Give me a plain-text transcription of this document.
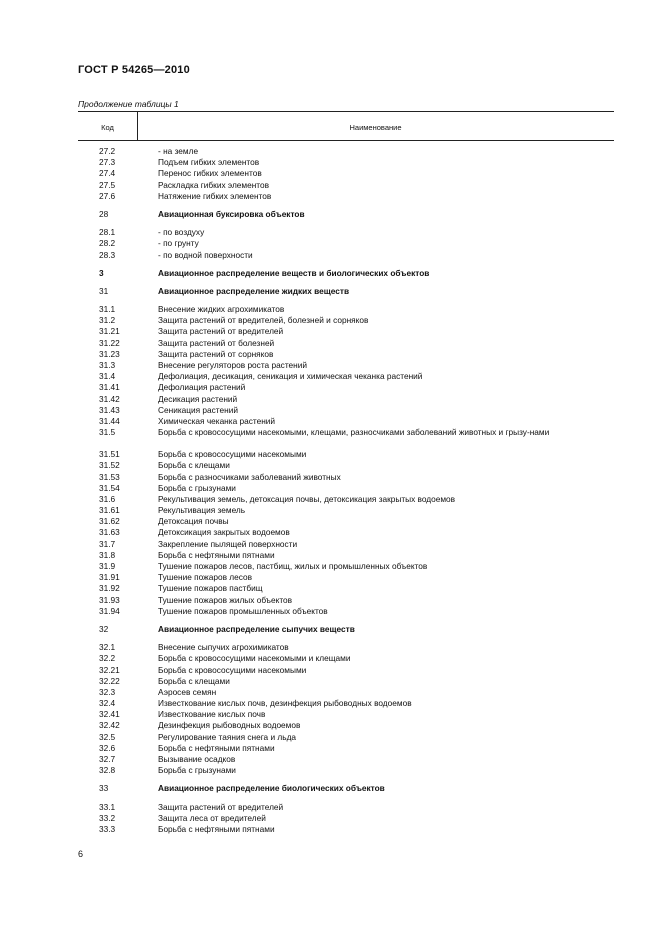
ГОСТ Р 54265—2010
Продолжение таблицы 1
Код	Наименование
27.2	- на земле
27.3	Подъем гибких элементов
27.4	Перенос гибких элементов
27.5	Раскладка гибких элементов
27.6	Натяжение гибких элементов
28	Авиационная буксировка объектов
28.1	- по воздуху
28.2	- по грунту
28.3	- по водной поверхности
3	Авиационное распределение веществ и биологических объектов
31	Авиационное распределение жидких веществ
31.1	Внесение жидких агрохимикатов
31.2	Защита растений от вредителей, болезней и сорняков
31.21	Защита растений от вредителей
31.22	Защита растений от болезней
31.23	Защита растений от сорняков
31.3	Внесение регуляторов роста растений
31.4	Дефолиация, десикация, сеникация и химическая чеканка растений
31.41	Дефолиация растений
31.42	Десикация растений
31.43	Сеникация растений
31.44	Химическая чеканка растений
31.5	Борьба с кровососущими насекомыми, клещами, разносчиками заболеваний животных и грызу-нами
31.51	Борьба с кровососущими насекомыми
31.52	Борьба с клещами
31.53	Борьба с разносчиками заболеваний животных
31.54	Борьба с грызунами
31.6	Рекультивация земель, детоксация почвы, детоксикация закрытых водоемов
31.61	Рекультивация земель
31.62	Детоксация почвы
31.63	Детоксикация закрытых водоемов
31.7	Закрепление пылящей поверхности
31.8	Борьба с нефтяными пятнами
31.9	Тушение пожаров лесов, пастбищ, жилых и промышленных объектов
31.91	Тушение пожаров лесов
31.92	Тушение пожаров пастбищ
31.93	Тушение пожаров жилых объектов
31.94	Тушение пожаров промышленных объектов
32	Авиационное распределение сыпучих веществ
32.1	Внесение сыпучих агрохимикатов
32.2	Борьба с кровососущими насекомыми и клещами
32.21	Борьба с кровососущими насекомыми
32.22	Борьба с клещами
32.3	Аэросев семян
32.4	Известкование кислых почв, дезинфекция рыбоводных водоемов
32.41	Известкование кислых почв
32.42	Дезинфекция рыбоводных водоемов
32.5	Регулирование таяния снега и льда
32.6	Борьба с нефтяными пятнами
32.7	Вызывание осадков
32.8	Борьба с грызунами
33	Авиационное распределение биологических объектов
33.1	Защита растений от вредителей
33.2	Защита леса от вредителей
33.3	Борьба с нефтяными пятнами
6
